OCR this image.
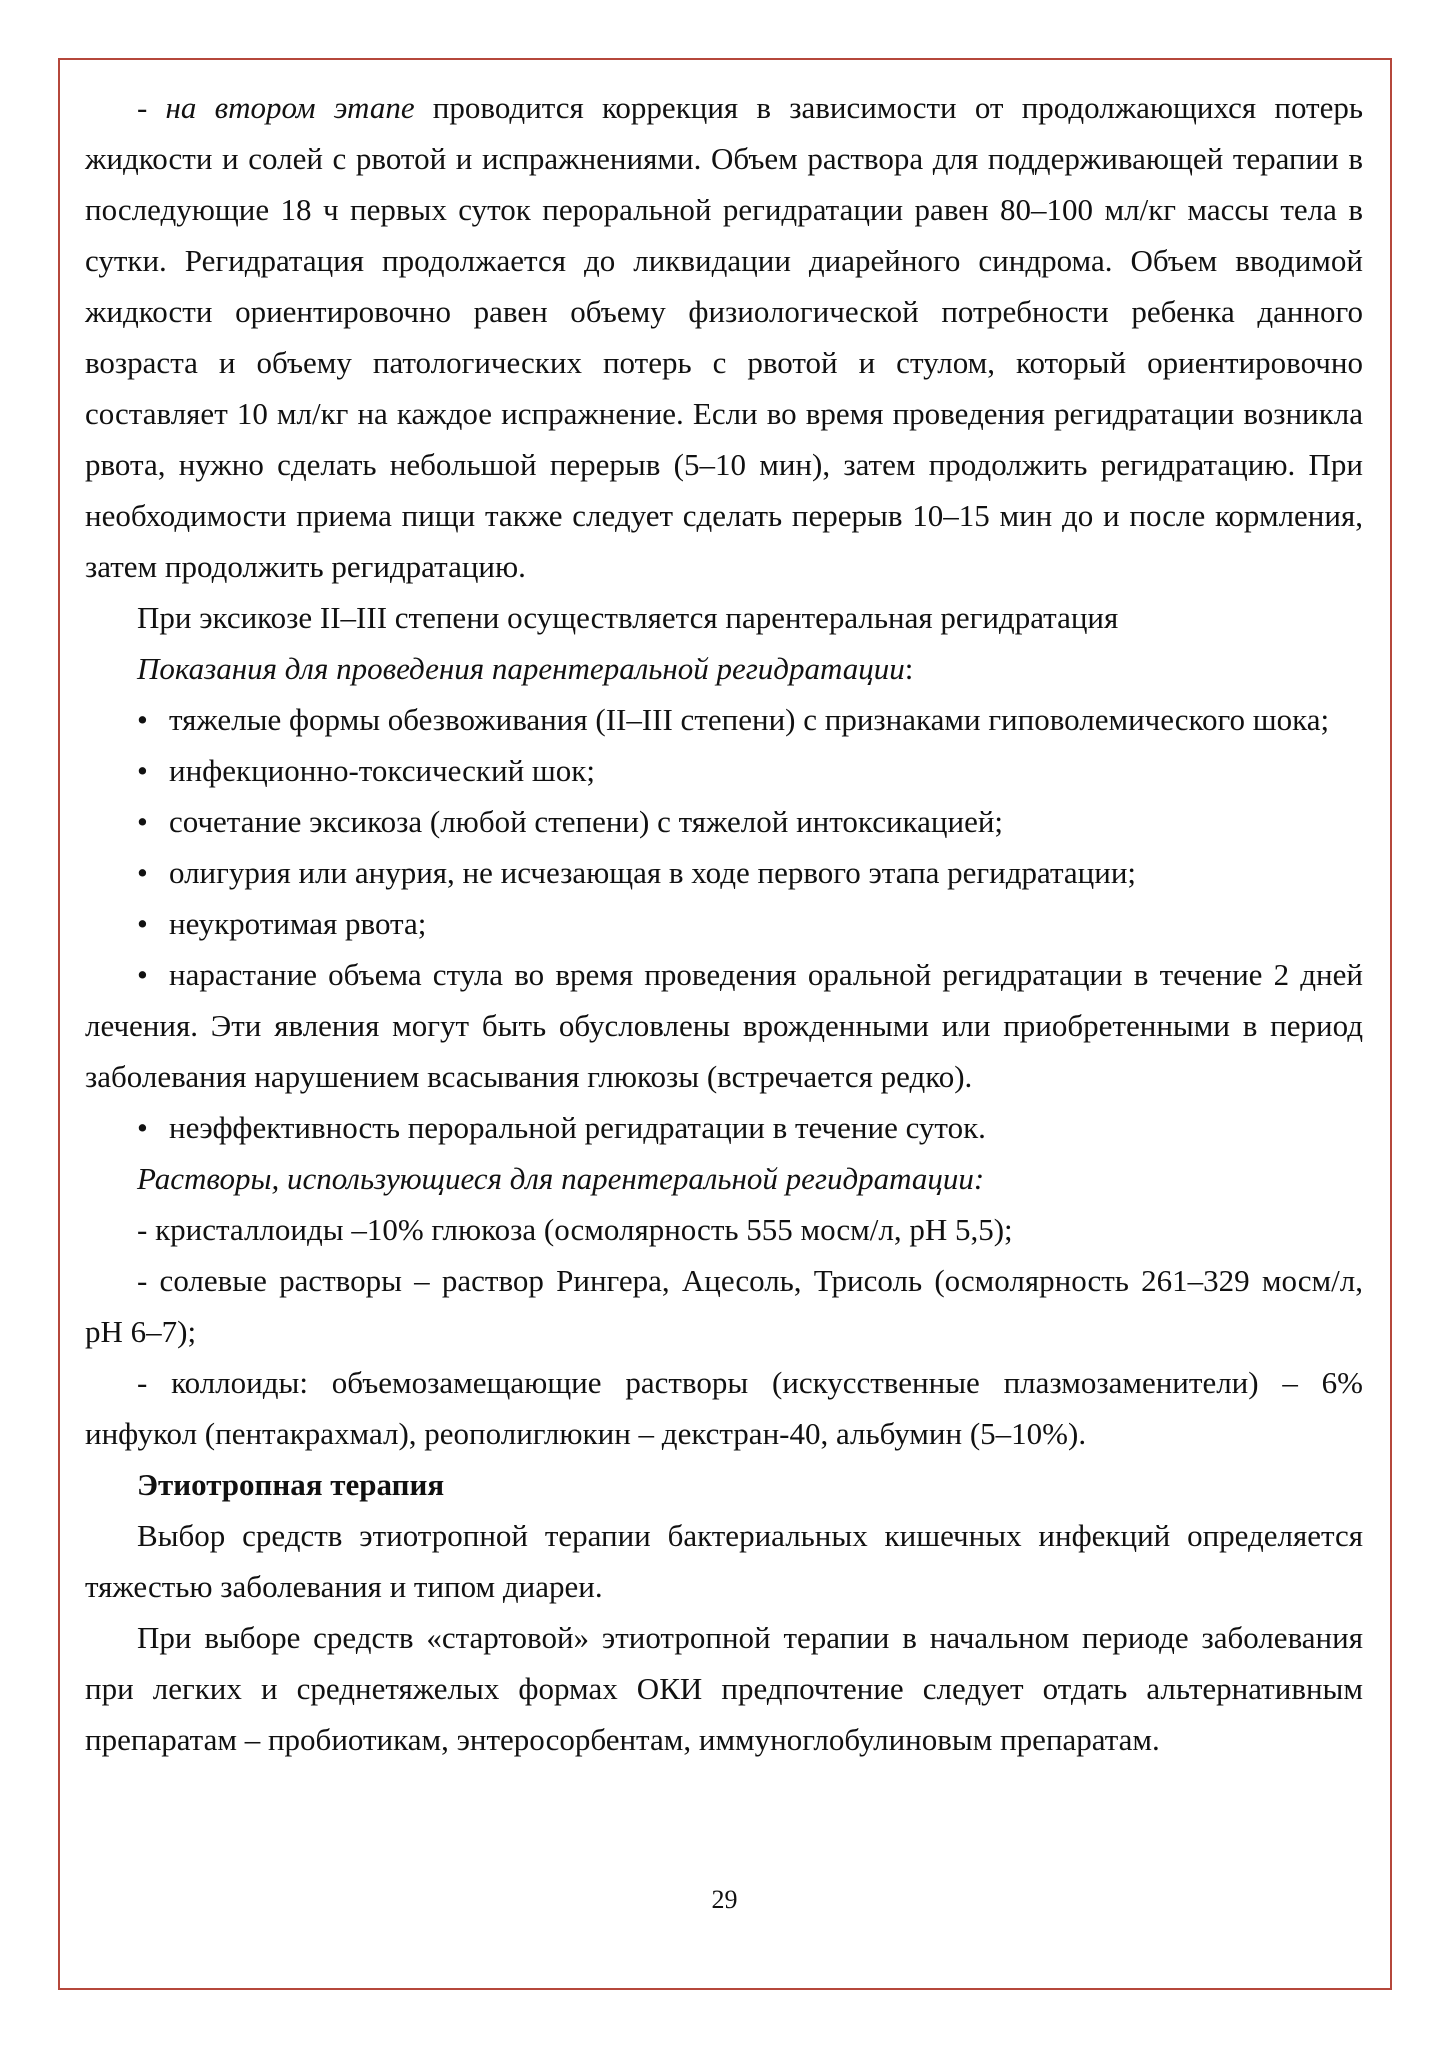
- на втором этапе проводится коррекция в зависимости от продолжающихся потерь жидкости и солей с рвотой и испражнениями. Объем раствора для поддерживающей терапии в последующие 18 ч первых суток пероральной регидратации равен 80–100 мл/кг массы тела в сутки. Регидратация продолжается до ликвидации диарейного синдрома. Объем вводимой жидкости ориентировочно равен объему физиологической потребности ребенка данного возраста и объему патологических потерь с рвотой и стулом, который ориентировочно составляет 10 мл/кг на каждое испражнение. Если во время проведения регидратации возникла рвота, нужно сделать небольшой перерыв (5–10 мин), затем продолжить регидратацию. При необходимости приема пищи также следует сделать перерыв 10–15 мин до и после кормления, затем продолжить регидратацию.

При эксикозе II–III степени осуществляется парентеральная регидратация

Показания для проведения парентеральной регидратации:

• тяжелые формы обезвоживания (II–III степени) с признаками гиповолемического шока;

• инфекционно-токсический шок;

• сочетание эксикоза (любой степени) с тяжелой интоксикацией;

• олигурия или анурия, не исчезающая в ходе первого этапа регидратации;

• неукротимая рвота;

• нарастание объема стула во время проведения оральной регидратации в течение 2 дней лечения. Эти явления могут быть обусловлены врожденными или приобретенными в период заболевания нарушением всасывания глюкозы (встречается редко).

• неэффективность пероральной регидратации в течение суток.

Растворы, использующиеся для парентеральной регидратации:

- кристаллоиды –10% глюкоза (осмолярность 555 мосм/л, pH 5,5);

- солевые растворы – раствор Рингера, Ацесоль, Трисоль (осмолярность 261–329 мосм/л, pH 6–7);

- коллоиды: объемозамещающие растворы (искусственные плазмозаменители) – 6% инфукол (пентакрахмал), реополиглюкин – декстран-40, альбумин (5–10%).

Этиотропная терапия

Выбор средств этиотропной терапии бактериальных кишечных инфекций определяется тяжестью заболевания и типом диареи.

При выборе средств «стартовой» этиотропной терапии в начальном периоде заболевания при легких и среднетяжелых формах ОКИ предпочтение следует отдать альтернативным препаратам – пробиотикам, энтеросорбентам, иммуноглобулиновым препаратам.

29
